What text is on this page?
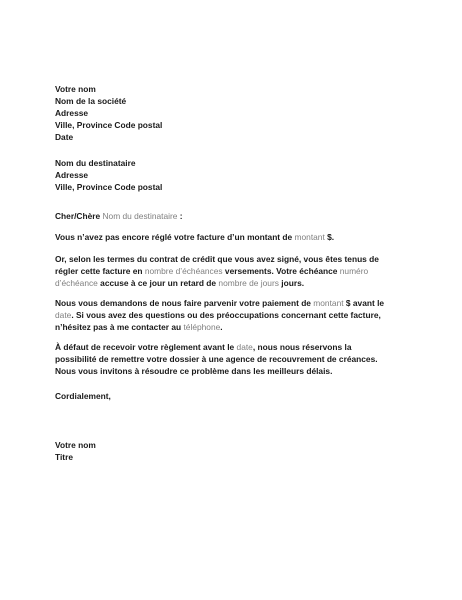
Votre nom
Nom de la société
Adresse
Ville, Province Code postal
Date
Nom du destinataire
Adresse
Ville, Province Code postal
Cher/Chère Nom du destinataire :

Vous n’avez pas encore réglé votre facture d’un montant de montant $.

Or, selon les termes du contrat de crédit que vous avez signé, vous êtes tenus de régler cette facture en nombre d’échéances versements. Votre échéance numéro d’échéance accuse à ce jour un retard de nombre de jours jours.

Nous vous demandons de nous faire parvenir votre paiement de montant $ avant le date. Si vous avez des questions ou des préoccupations concernant cette facture, n’hésitez pas à me contacter au téléphone.

À défaut de recevoir votre règlement avant le date, nous nous réservons la possibilité de remettre votre dossier à une agence de recouvrement de créances. Nous vous invitons à résoudre ce problème dans les meilleurs délais.

Cordialement,
Votre nom
Titre
